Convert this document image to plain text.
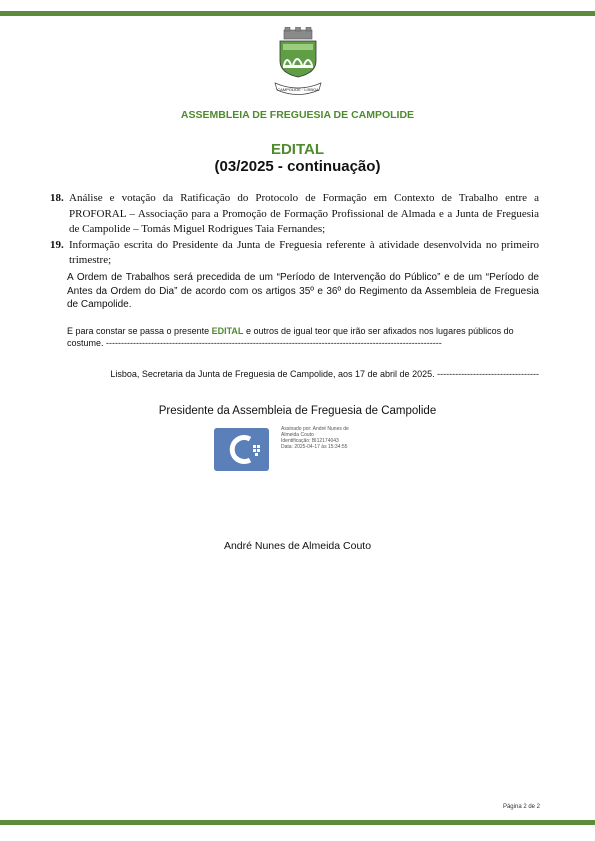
CAMPOLIDE · LISBOA
ASSEMBLEIA DE FREGUESIA DE CAMPOLIDE
EDITAL
(03/2025 - continuação)
18. Análise e votação da Ratificação do Protocolo de Formação em Contexto de Trabalho entre a PROFORAL – Associação para a Promoção de Formação Profissional de Almada e a Junta de Freguesia de Campolide – Tomás Miguel Rodrigues Taia Fernandes;
19. Informação escrita do Presidente da Junta de Freguesia referente à atividade desenvolvida no primeiro trimestre;
A Ordem de Trabalhos será precedida de um “Período de Intervenção do Público” e de um “Período de Antes da Ordem do Dia” de acordo com os artigos 35º e 36º do Regimento da Assembleia de Freguesia de Campolide.
E para constar se passa o presente EDITAL e outros de igual teor que irão ser afixados nos lugares públicos do costume. ----------------------------------------------------------------------------------------------------------------
Lisboa, Secretaria da Junta de Freguesia de Campolide, aos 17 de abril de 2025. ----------------------------------
Presidente da Assembleia de Freguesia de Campolide
Assinado por: André Nunes de
Almeida Couto
Identificação: BI12174043
Data: 2025-04-17 às 15:34:55
André Nunes de Almeida Couto
Página 2 de 2
